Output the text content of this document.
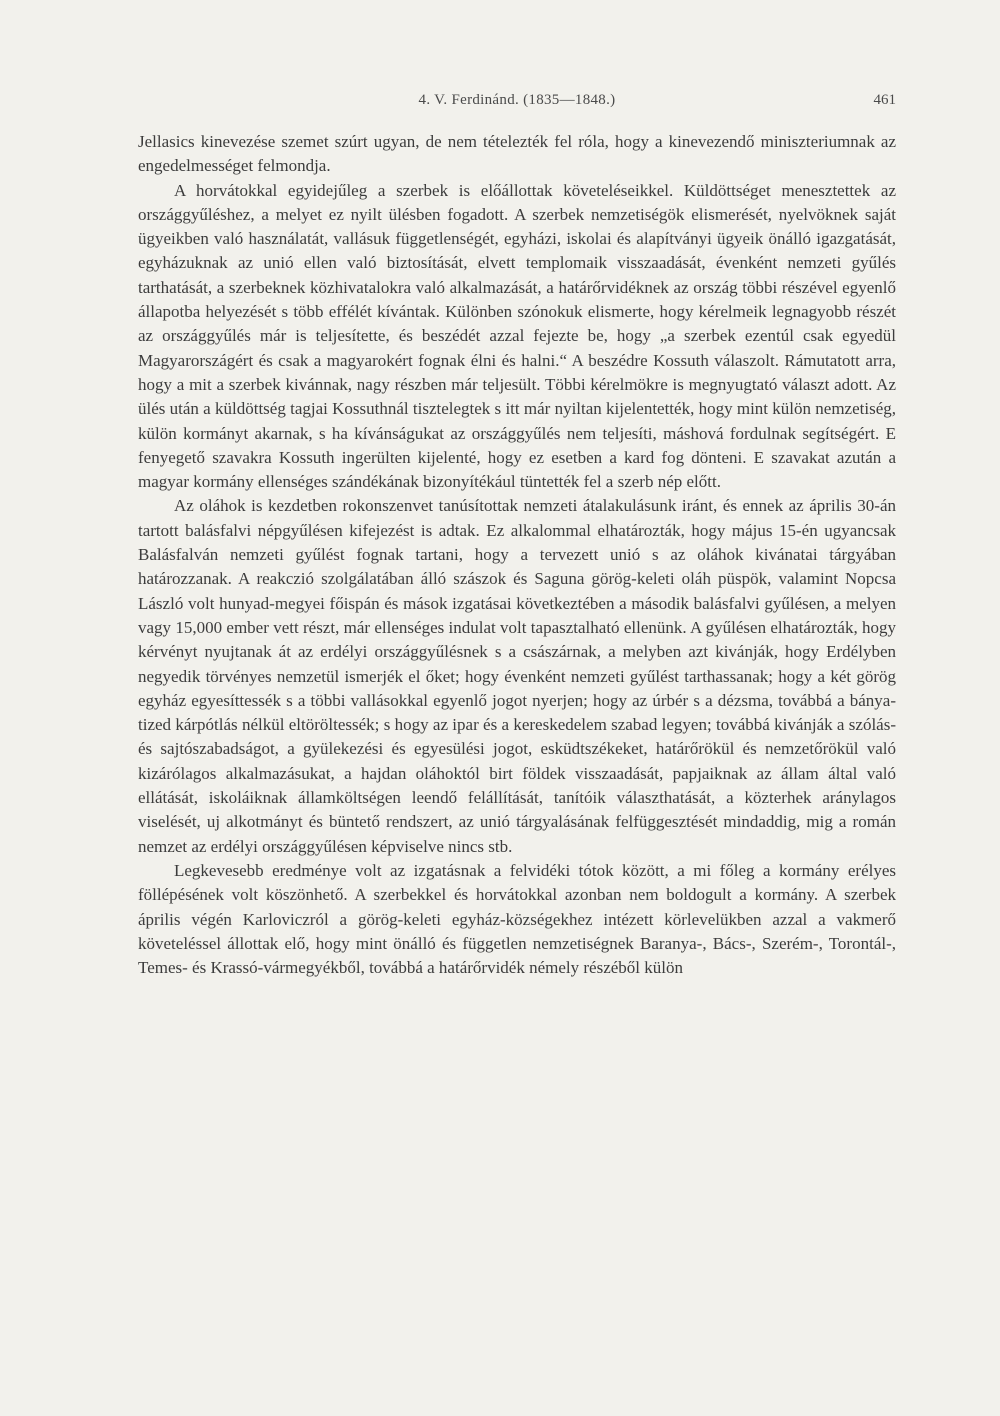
4. V. Ferdinánd. (1835—1848.)	461

Jellasics kinevezése szemet szúrt ugyan, de nem tételezték fel róla, hogy a kinevezendő miniszteriumnak az engedelmességet felmondja.

A horvátokkal egyidejűleg a szerbek is előállottak követeléseikkel. Küldöttséget menesztettek az országgyűléshez, a melyet ez nyilt ülésben fogadott. A szerbek nemzetiségök elismerését, nyelvöknek saját ügyeikben való használatát, vallásuk függetlenségét, egyházi, iskolai és alapítványi ügyeik önálló igazgatását, egyházuknak az unió ellen való biztosítását, elvett templomaik visszaadását, évenként nemzeti gyűlés tarthatását, a szerbeknek közhivatalokra való alkalmazását, a határőrvidéknek az ország többi részével egyenlő állapotba helyezését s több effélét kívántak. Különben szónokuk elismerte, hogy kérelmeik legnagyobb részét az országgyűlés már is teljesítette, és beszédét azzal fejezte be, hogy „a szerbek ezentúl csak egyedül Magyarországért és csak a magyarokért fognak élni és halni.“ A beszédre Kossuth válaszolt. Rámutatott arra, hogy a mit a szerbek kivánnak, nagy részben már teljesült. Többi kérelmökre is megnyugtató választ adott. Az ülés után a küldöttség tagjai Kossuthnál tisztelegtek s itt már nyiltan kijelentették, hogy mint külön nemzetiség, külön kormányt akarnak, s ha kívánságukat az országgyűlés nem teljesíti, máshová fordulnak segítségért. E fenyegető szavakra Kossuth ingerülten kijelenté, hogy ez esetben a kard fog dönteni. E szavakat azután a magyar kormány ellenséges szándékának bizonyítékául tüntették fel a szerb nép előtt.

Az oláhok is kezdetben rokonszenvet tanúsítottak nemzeti átalakulásunk iránt, és ennek az április 30-án tartott balásfalvi népgyűlésen kifejezést is adtak. Ez alkalommal elhatározták, hogy május 15-én ugyancsak Balásfalván nemzeti gyűlést fognak tartani, hogy a tervezett unió s az oláhok kivánatai tárgyában határozzanak. A reakczió szolgálatában álló szászok és Saguna görög-keleti oláh püspök, valamint Nopcsa László volt hunyad-megyei főispán és mások izgatásai következtében a második balásfalvi gyűlésen, a melyen vagy 15,000 ember vett részt, már ellenséges indulat volt tapasztalható ellenünk. A gyűlésen elhatározták, hogy kérvényt nyujtanak át az erdélyi országgyűlésnek s a császárnak, a melyben azt kivánják, hogy Erdélyben negyedik törvényes nemzetül ismerjék el őket; hogy évenként nemzeti gyűlést tarthassanak; hogy a két görög egyház egyesíttessék s a többi vallásokkal egyenlő jogot nyerjen; hogy az úrbér s a dézsma, továbbá a bánya-tized kárpótlás nélkül eltöröltessék; s hogy az ipar és a kereskedelem szabad legyen; továbbá kivánják a szólás- és sajtószabadságot, a gyülekezési és egyesülési jogot, esküdtszékeket, határőrökül és nemzetőrökül való kizárólagos alkalmazásukat, a hajdan oláhoktól birt földek visszaadását, papjaiknak az állam által való ellátását, iskoláiknak államköltségen leendő felállítását, tanítóik választhatását, a közterhek aránylagos viselését, uj alkotmányt és büntető rendszert, az unió tárgyalásának felfüggesztését mindaddig, mig a román nemzet az erdélyi országgyűlésen képviselve nincs stb.

Legkevesebb eredménye volt az izgatásnak a felvidéki tótok között, a mi főleg a kormány erélyes föllépésének volt köszönhető. A szerbekkel és horvátokkal azonban nem boldogult a kormány. A szerbek április végén Karloviczról a görög-keleti egyház-községekhez intézett körlevelükben azzal a vakmerő követeléssel állottak elő, hogy mint önálló és független nemzetiségnek Baranya-, Bács-, Szerém-, Torontál-, Temes- és Krassó-vármegyékből, továbbá a határőrvidék némely részéből külön
